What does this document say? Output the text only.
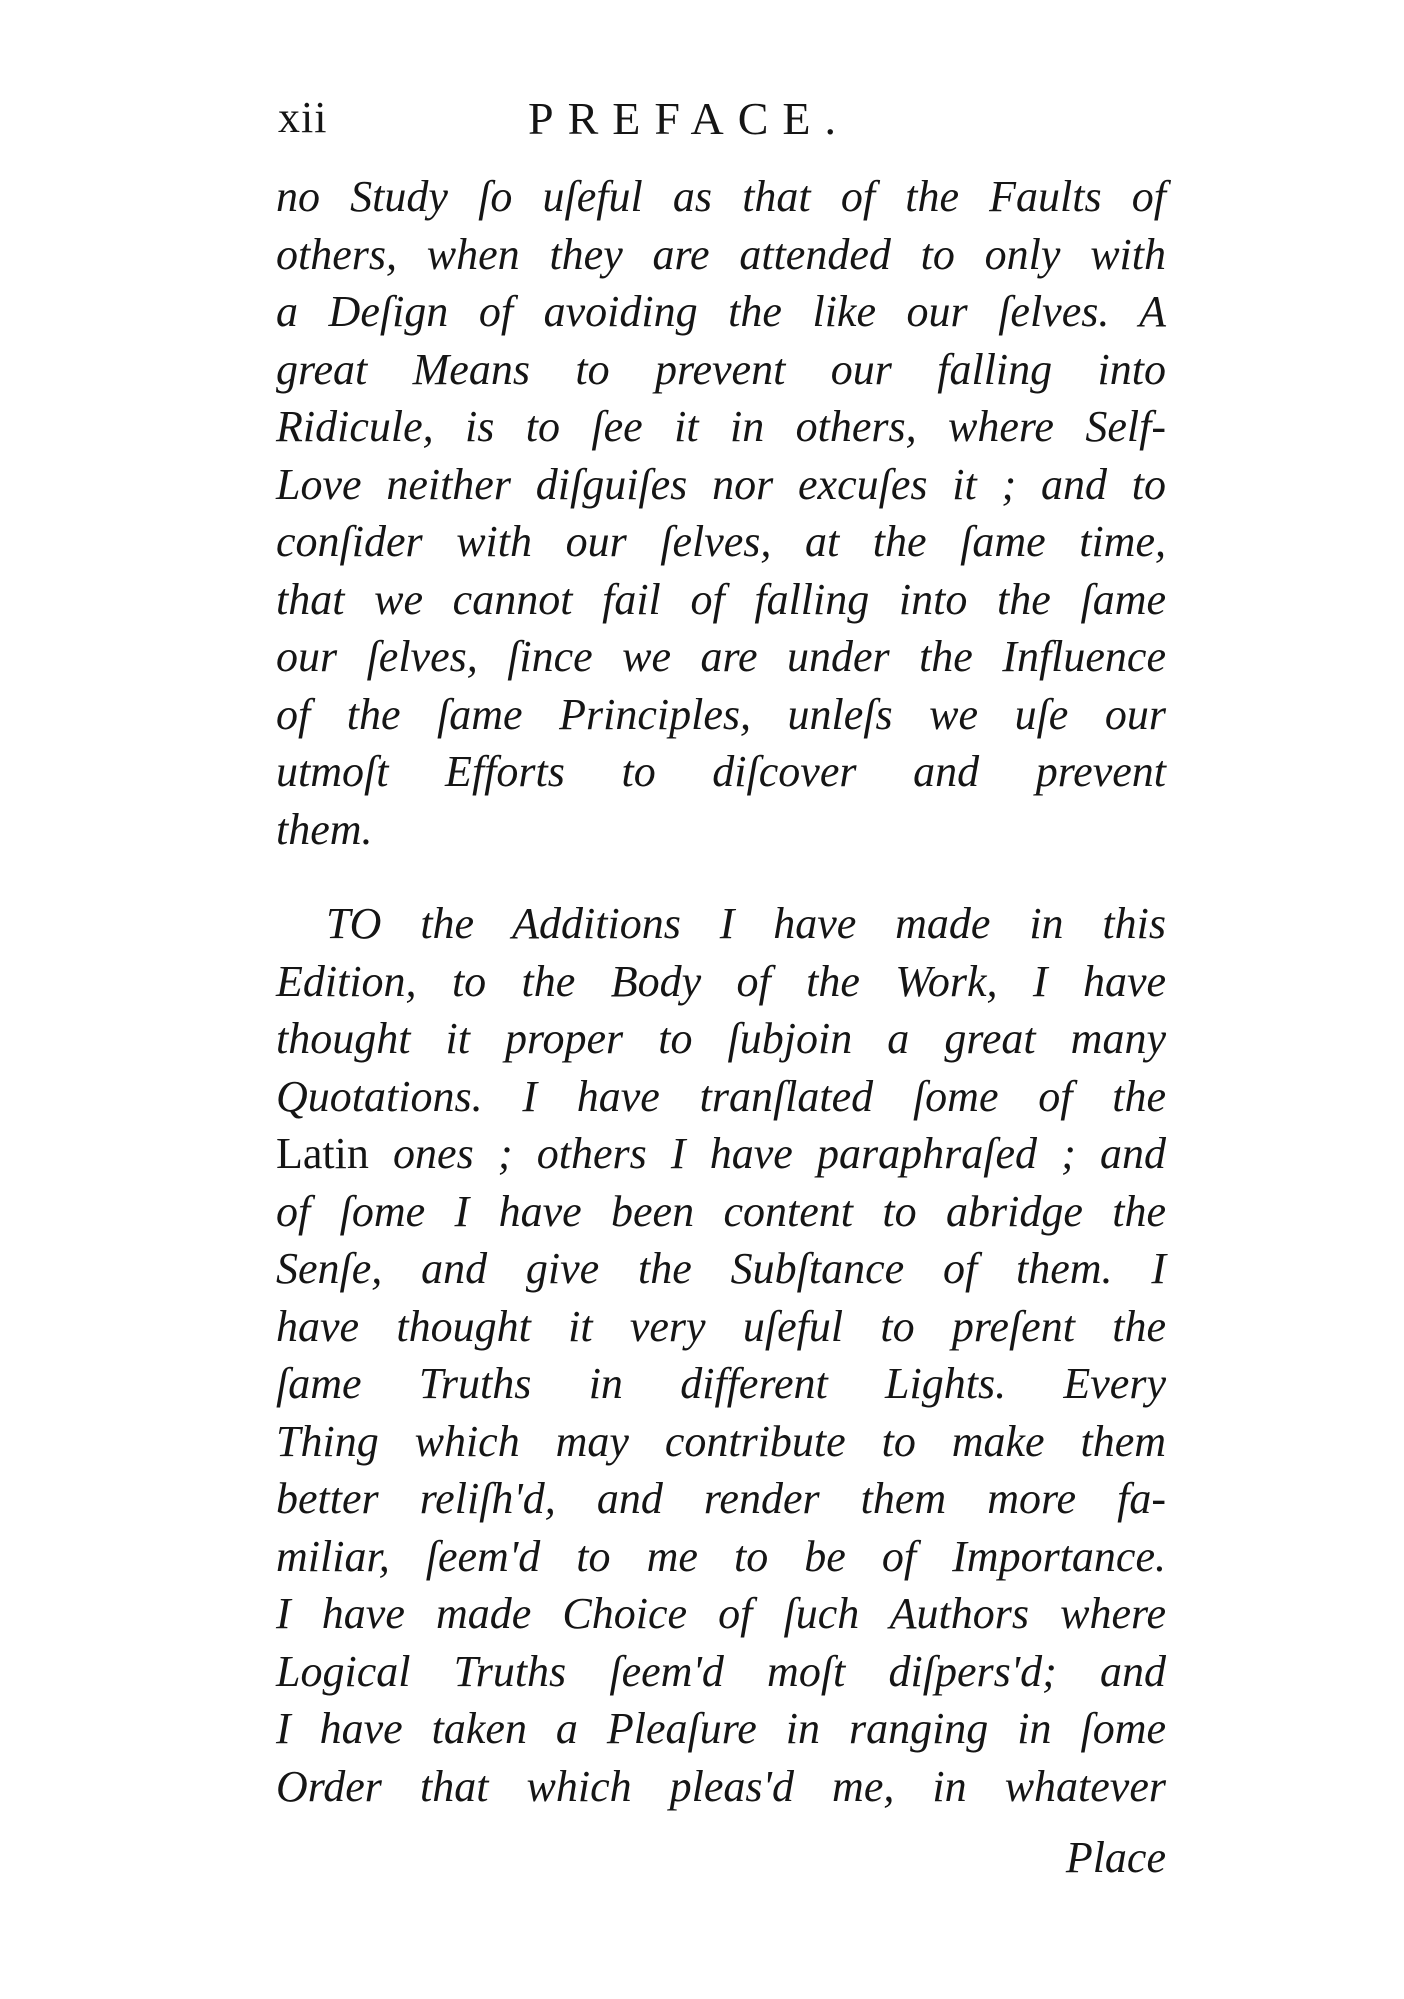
xii	PREFACE.
no Study ſo uſeful as that of the Faults of
others, when they are attended to only with
a Deſign of avoiding the like our ſelves. A
great Means to prevent our falling into
Ridicule, is to ſee it in others, where Self-
Love neither diſguiſes nor excuſes it ; and to
conſider with our ſelves, at the ſame time,
that we cannot fail of falling into the ſame
our ſelves, ſince we are under the Influence
of the ſame Principles, unleſs we uſe our
utmoſt Efforts to diſcover and prevent
them.
TO the Additions I have made in this
Edition, to the Body of the Work, I have
thought it proper to ſubjoin a great many
Quotations. I have tranſlated ſome of the
Latin ones ; others I have paraphraſed ; and
of ſome I have been content to abridge the
Senſe, and give the Subſtance of them. I
have thought it very uſeful to preſent the
ſame Truths in different Lights. Every
Thing which may contribute to make them
better reliſh'd, and render them more fa-
miliar, ſeem'd to me to be of Importance.
I have made Choice of ſuch Authors where
Logical Truths ſeem'd moſt diſpers'd; and
I have taken a Pleaſure in ranging in ſome
Order that which pleas'd me, in whatever
Place
